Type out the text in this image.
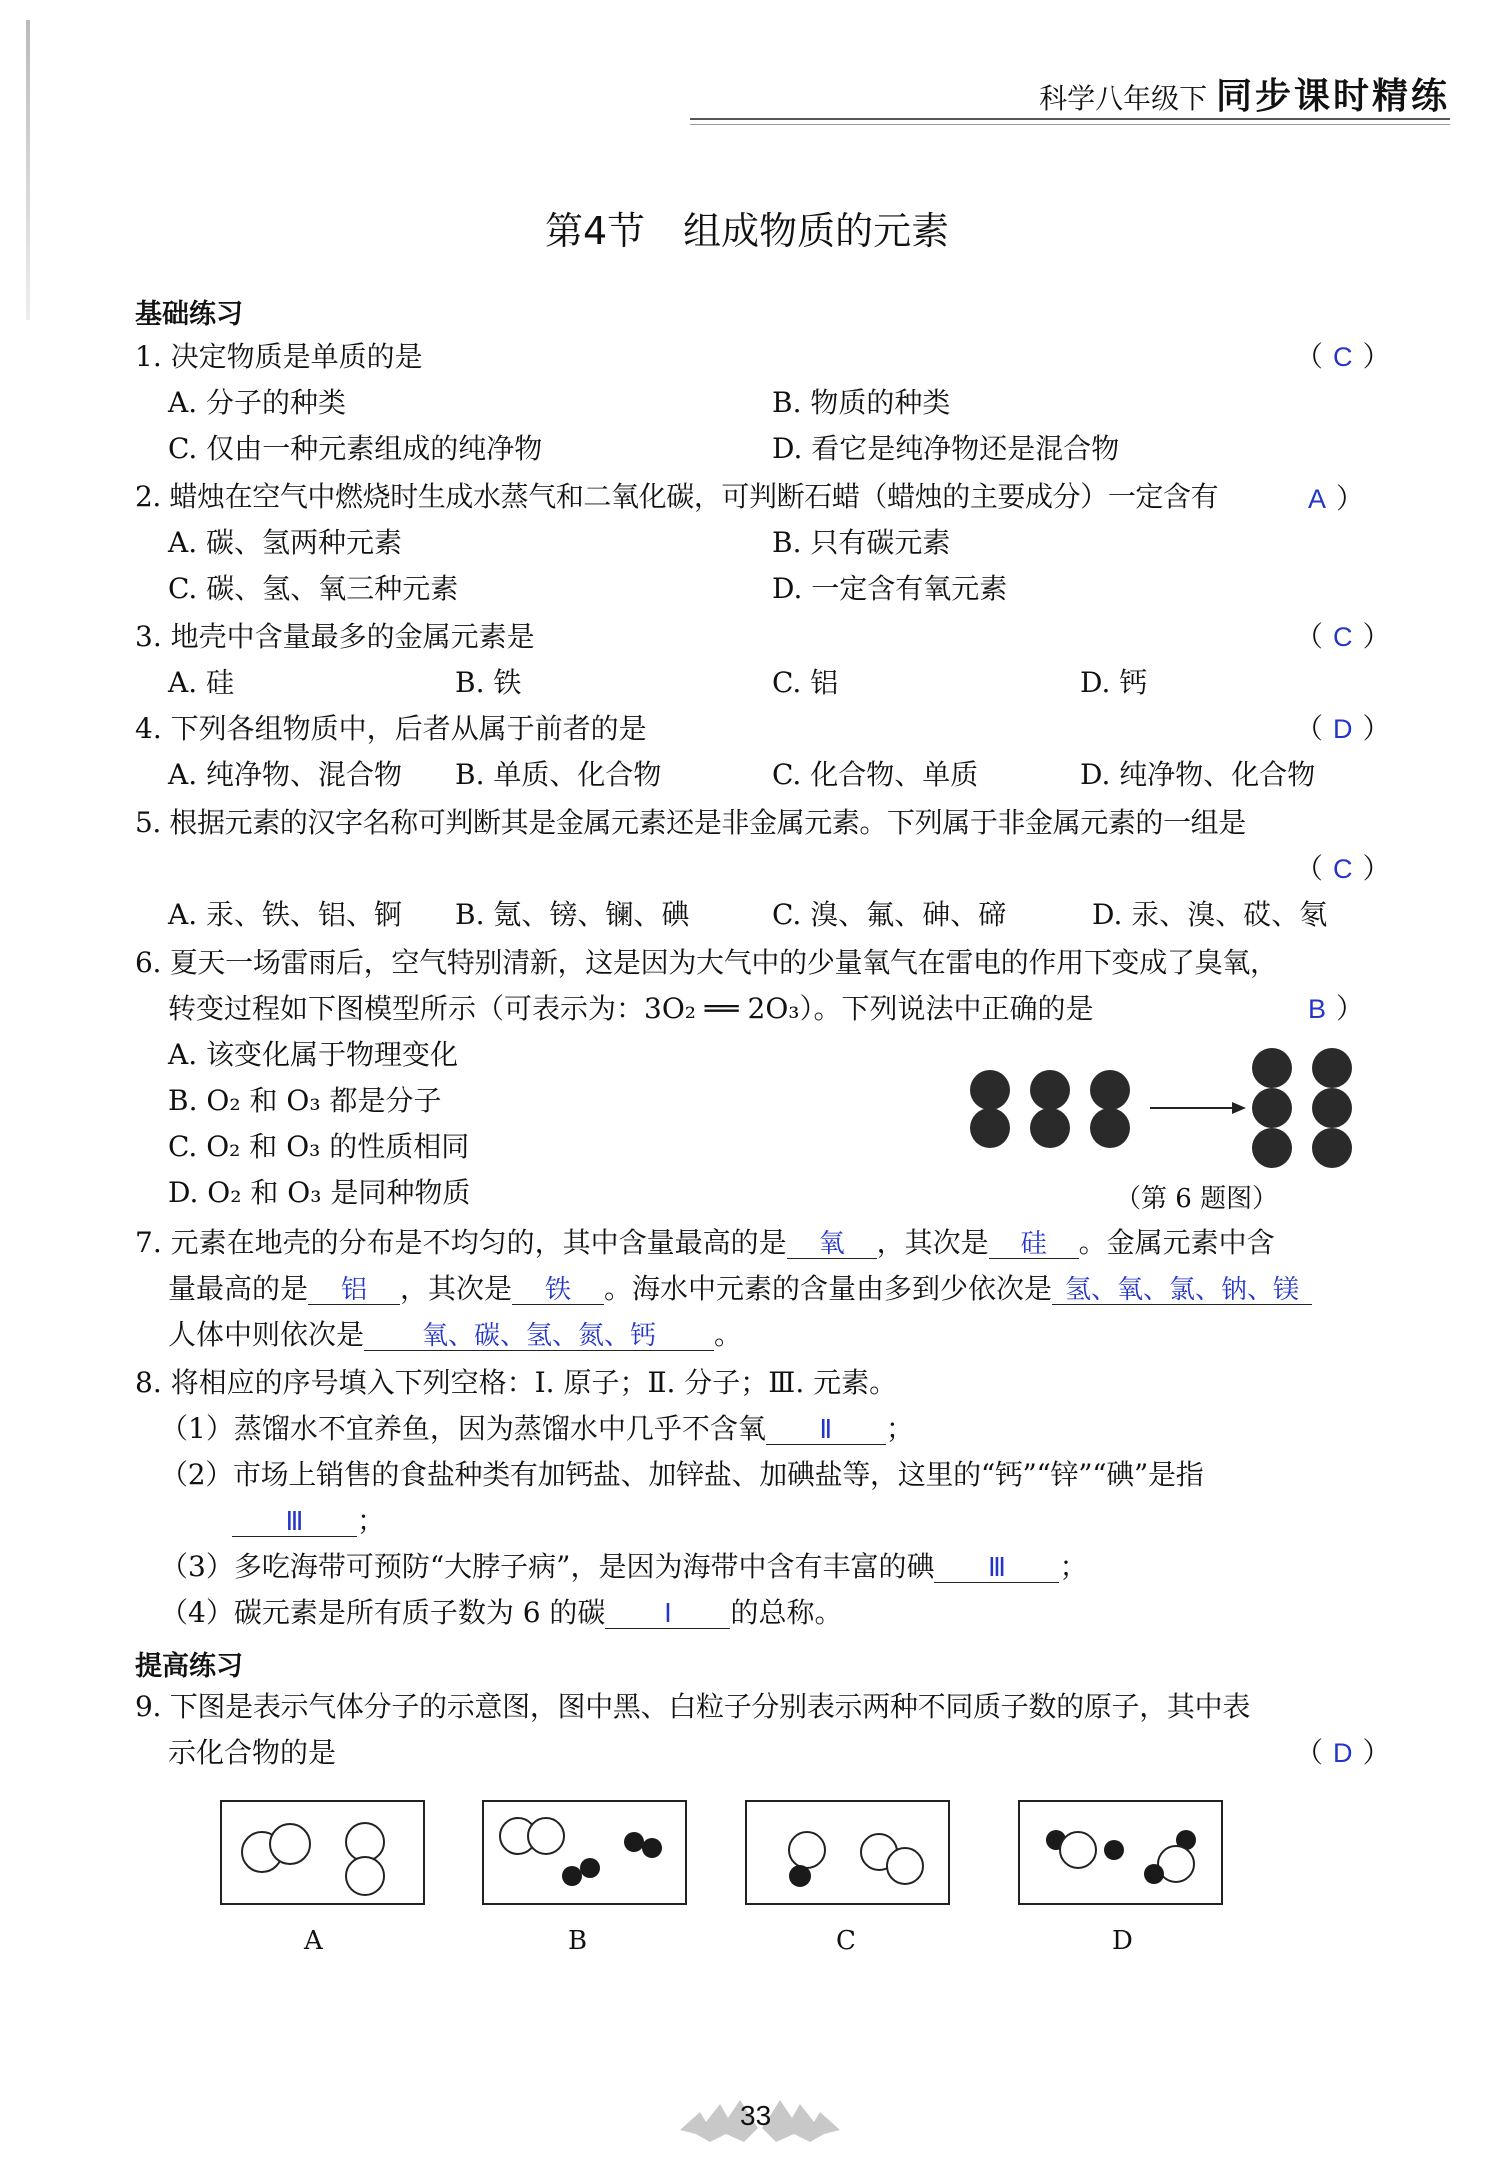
科学八年级下 同步课时精练
第4节　组成物质的元素
基础练习
1. 决定物质是单质的是	（ C ）
A. 分子的种类	B. 物质的种类
C. 仅由一种元素组成的纯净物	D. 看它是纯净物还是混合物
2. 蜡烛在空气中燃烧时生成水蒸气和二氧化碳，可判断石蜡（蜡烛的主要成分）一定含有	A ）
A. 碳、氢两种元素	B. 只有碳元素
C. 碳、氢、氧三种元素	D. 一定含有氧元素
3. 地壳中含量最多的金属元素是	（ C ）
A. 硅	B. 铁	C. 铝	D. 钙
4. 下列各组物质中，后者从属于前者的是	（ D ）
A. 纯净物、混合物 B. 单质、化合物	C. 化合物、单质	D. 纯净物、化合物
5. 根据元素的汉字名称可判断其是金属元素还是非金属元素。下列属于非金属元素的一组是
（ C ）
A. 汞、铁、铝、锕 B. 氪、镑、镧、碘	C. 溴、氟、砷、碲	D. 汞、溴、砹、氡
6. 夏天一场雷雨后，空气特别清新，这是因为大气中的少量氧气在雷电的作用下变成了臭氧，
转变过程如下图模型所示（可表示为：3O₂ ══ 2O₃）。下列说法中正确的是	B ）
A. 该变化属于物理变化
B. O₂ 和 O₃ 都是分子
C. O₂ 和 O₃ 的性质相同
D. O₂ 和 O₃ 是同种物质	（第 6 题图）
7. 元素在地壳的分布是不均匀的，其中含量最高的是 氧 ，其次是 硅 。金属元素中含
量最高的是 铝 ，其次是 铁 。海水中元素的含量由多到少依次是 氢、氧、氯、钠、镁
人体中则依次是 氧、碳、氢、氮、钙 。
8. 将相应的序号填入下列空格：Ⅰ. 原子；Ⅱ. 分子；Ⅲ. 元素。
（1）蒸馏水不宜养鱼，因为蒸馏水中几乎不含氧 Ⅱ ；
（2）市场上销售的食盐种类有加钙盐、加锌盐、加碘盐等，这里的“钙”“锌”“碘”是指
Ⅲ ；
（3）多吃海带可预防“大脖子病”，是因为海带中含有丰富的碘 Ⅲ ；
（4）碳元素是所有质子数为 6 的碳 Ⅰ 的总称。
提高练习
9. 下图是表示气体分子的示意图，图中黑、白粒子分别表示两种不同质子数的原子，其中表
示化合物的是	（ D ）
A	B	C	D
33
